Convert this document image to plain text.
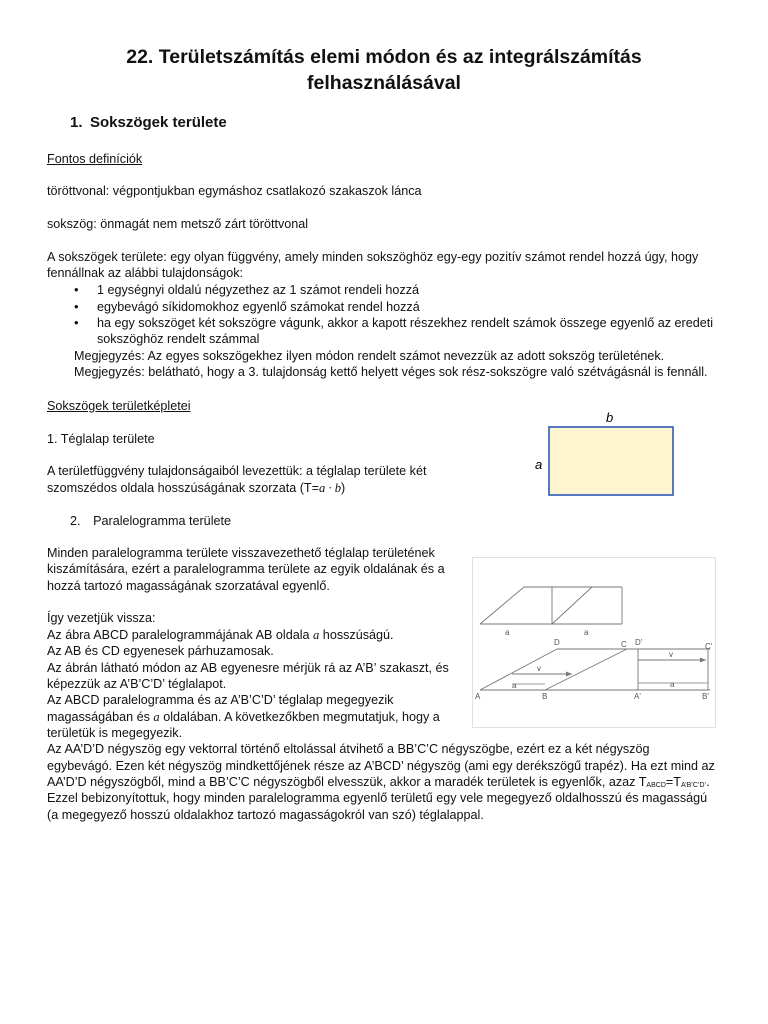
22. Területszámítás elemi módon és az integrálszámítás felhasználásával
1. Sokszögek területe

Fontos definíciók

töröttvonal: végpontjukban egymáshoz csatlakozó szakaszok lánca

sokszög: önmagát nem metsző zárt töröttvonal

A sokszögek területe: egy olyan függvény, amely minden sokszöghöz egy-egy pozitív számot rendel hozzá úgy, hogy

fennállnak az alábbi tulajdonságok:

• 1 egységnyi oldalú négyzethez az 1 számot rendeli hozzá
• egybevágó síkidomokhoz egyenlő számokat rendel hozzá
• ha egy sokszöget két sokszögre vágunk, akkor a kapott részekhez rendelt számok összege egyenlő az eredeti
sokszöghöz rendelt számmal
Megjegyzés: Az egyes sokszögekhez ilyen módon rendelt számot nevezzük az adott sokszög területének.
Megjegyzés: belátható, hogy a 3. tulajdonság kettő helyett véges sok rész-sokszögre való szétvágásnál is fennáll.

Sokszögek területképletei

1. Téglalap területe

A területfüggvény tulajdonságaiból levezettük: a téglalap területe két

szomszédos oldala hosszúságának szorzata (T=a · b)

b
a

2.  Paralelogramma területe

Minden paralelogramma területe visszavezethető téglalap területének

kiszámítására, ezért a paralelogramma területe az egyik oldalának és a

hozzá tartozó magasságának szorzatával egyenlő.

Így vezetjük vissza:

Az ábra ABCD paralelogrammájának AB oldala a hosszúságú.

Az AB és CD egyenesek párhuzamosak.

Az ábrán látható módon az AB egyenesre mérjük rá az A’B’ szakaszt, és

képezzük az A’B’C’D’ téglalapot.

Az ABCD paralelogramma és az A’B’C’D’ téglalap megegyezik

magasságában és a oldalában. A következőkben megmutatjuk, hogy a

területük is megegyezik.

Az AA’D’D négyszög egy vektorral történő eltolással átvihető a BB’C’C négyszögbe, ezért ez a két négyszög

egybevágó. Ezen két négyszög mindkettőjének része az A’BCD’ négyszög (ami egy derékszögű trapéz). Ha ezt mind az

AA’D’D négyszögből, mind a BB’C’C négyszögből elvesszük, akkor a maradék területek is egyenlők, azaz TABCD=TA’B’C’D’.

Ezzel bebizonyítottuk, hogy minden paralelogramma egyenlő területű egy vele megegyező oldalhosszú és magasságú

(a megegyező hosszú oldalakhoz tartozó magasságokról van szó) téglalappal.

a	a
D	C D'	C'
v
v
A
a
B	A'
a
B'
